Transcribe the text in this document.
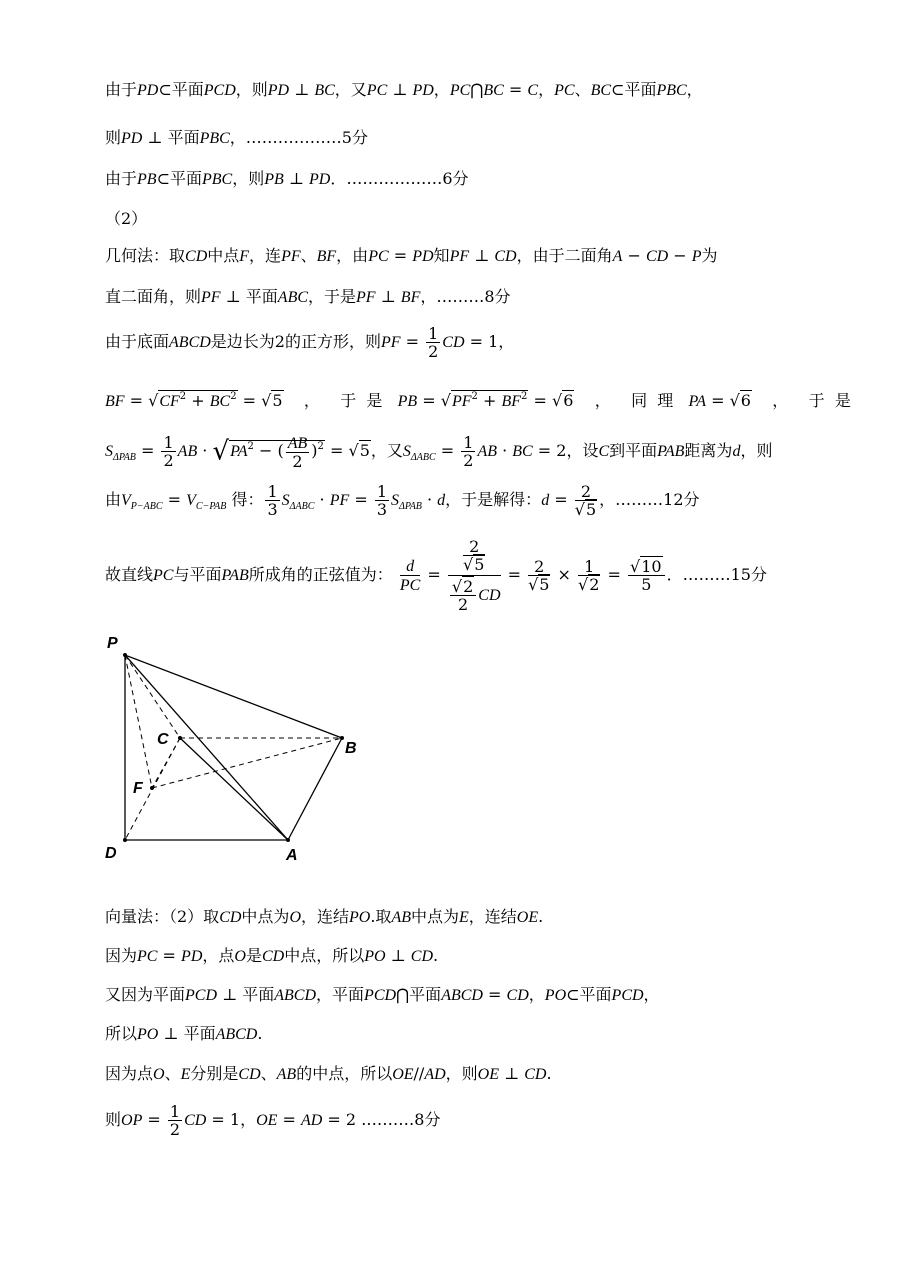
由于PD⊂平面PCD，则PD ⊥ BC，又PC ⊥ PD，PC⋂BC = C，PC、BC⊂平面PBC，
则PD ⊥ 平面PBC，………………5分
由于PB⊂平面PBC，则PB ⊥ PD．………………6分
（2）
几何法：取CD中点F，连PF、BF，由PC = PD知PF ⊥ CD，由于二面角A − CD − P为
直二面角，则PF ⊥ 平面ABC，于是PF ⊥ BF，………8分
由于底面ABCD是边长为2的正方形，则PF = $\frac{1}{2}$ CD = 1，
BF = $√CF^2 + BC^2 = √5$    ，    于  是   PB = $√PF^2 + BF^2 = √6$    ，    同  理   PA = √6    ，    于  是
$S_{\Delta PAB} = \frac{1}{2}$ AB · $√PA^2$ − ( $\frac{AB}{2} )^2 = √5$，又$S_{\Delta ABC} = \frac{1}{2}$ AB · BC = 2，设C到平面PAB距离为d，则
由$V_{P-ABC} = V_{C-PAB}$ 得： $\frac{1}{3} S_{\Delta ABC}$ · PF = $\frac{1}{3} S_{\Delta PAB} \cdot d$，于是解得：$d = \frac{2}{√5}$ ，………12分
故直线PC与平面PAB所成角的正弦值为： $\frac{d}{PC} = \frac{\frac{2}{√5}}{\frac{√2}{2} CD} = \frac{2}{√5} \times \frac{1}{√2} = \frac{√10}{5}$ ．………15分
P
C
B
F
D	A
向量法：（2）取CD中点为O，连结PO.取AB中点为E，连结OE.
因为PC = PD，点O是CD中点，所以PO ⊥ CD.
又因为平面PCD ⊥ 平面ABCD，平面PCD⋂平面ABCD = CD，PO⊂平面PCD，
所以PO ⊥ 平面ABCD.
因为点O、E分别是CD、AB的中点，所以OE//AD，则OE ⊥ CD.
则OP = $\frac{1}{2}$ CD = 1，OE = AD = 2 .………8分
